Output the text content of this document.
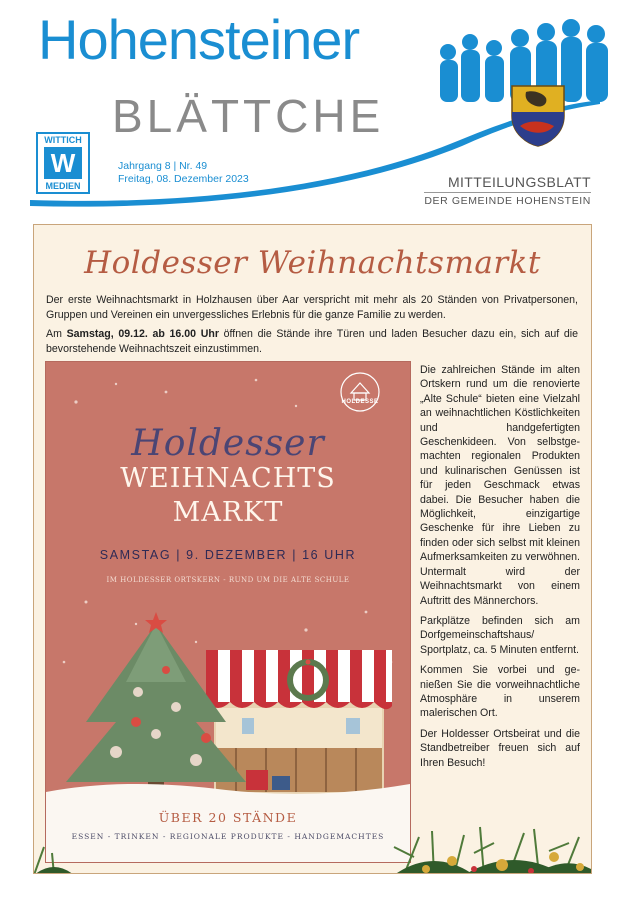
Hohensteiner
BLÄTTCHE
WITTICH
W
MEDIEN
Jahrgang 8 | Nr. 49
Freitag, 08. Dezember 2023	MITTEILUNGSBLATT
DER GEMEINDE HOHENSTEIN
Holdesser Weihnachtsmarkt

Der erste Weihnachtsmarkt in Holzhausen über Aar verspricht mit mehr als 20 Ständen von Privatpersonen, Gruppen und Vereinen ein unvergessliches Erlebnis für die ganze Familie zu werden.

Am Samstag, 09.12. ab 16.00 Uhr öffnen die Stände ihre Türen und laden Besucher dazu ein, sich auf die bevorstehende Weihnachtszeit einzustimmen.

HOLDESSE
Holdesser
WEIHNACHTS
MARKT
SAMSTAG | 9. DEZEMBER | 16 UHR
IM HOLDESSER ORTSKERN - RUND UM DIE ALTE SCHULE
ÜBER 20 STÄNDE
ESSEN - TRINKEN - REGIONALE PRODUKTE - HANDGEMACHTES

Die zahlreichen Stände im alten Ortskern rund um die renovierte „Alte Schule“ bieten eine Vielzahl an weihnachtlichen Köstlichkeiten und handgefertigten Geschenkideen. Von selbstgemachten regionalen Produkten und kulinarischen Genüssen ist für jeden Geschmack etwas dabei. Die Besucher haben die Möglichkeit, einzigartige Geschenke für ihre Lieben zu finden oder sich selbst mit kleinen Aufmerksamkeiten zu verwöhnen. Untermalt wird der Weihnachtsmarkt von einem Auftritt des Männerchors.

Parkplätze befinden sich am Dorfgemeinschaftshaus/ Sportplatz, ca. 5 Minuten entfernt.

Kommen Sie vorbei und genießen Sie die vorweihnachtliche Atmosphäre in unserem malerischen Ort.

Der Holdesser Ortsbeirat und die Standbetreiber freuen sich auf Ihren Besuch!
